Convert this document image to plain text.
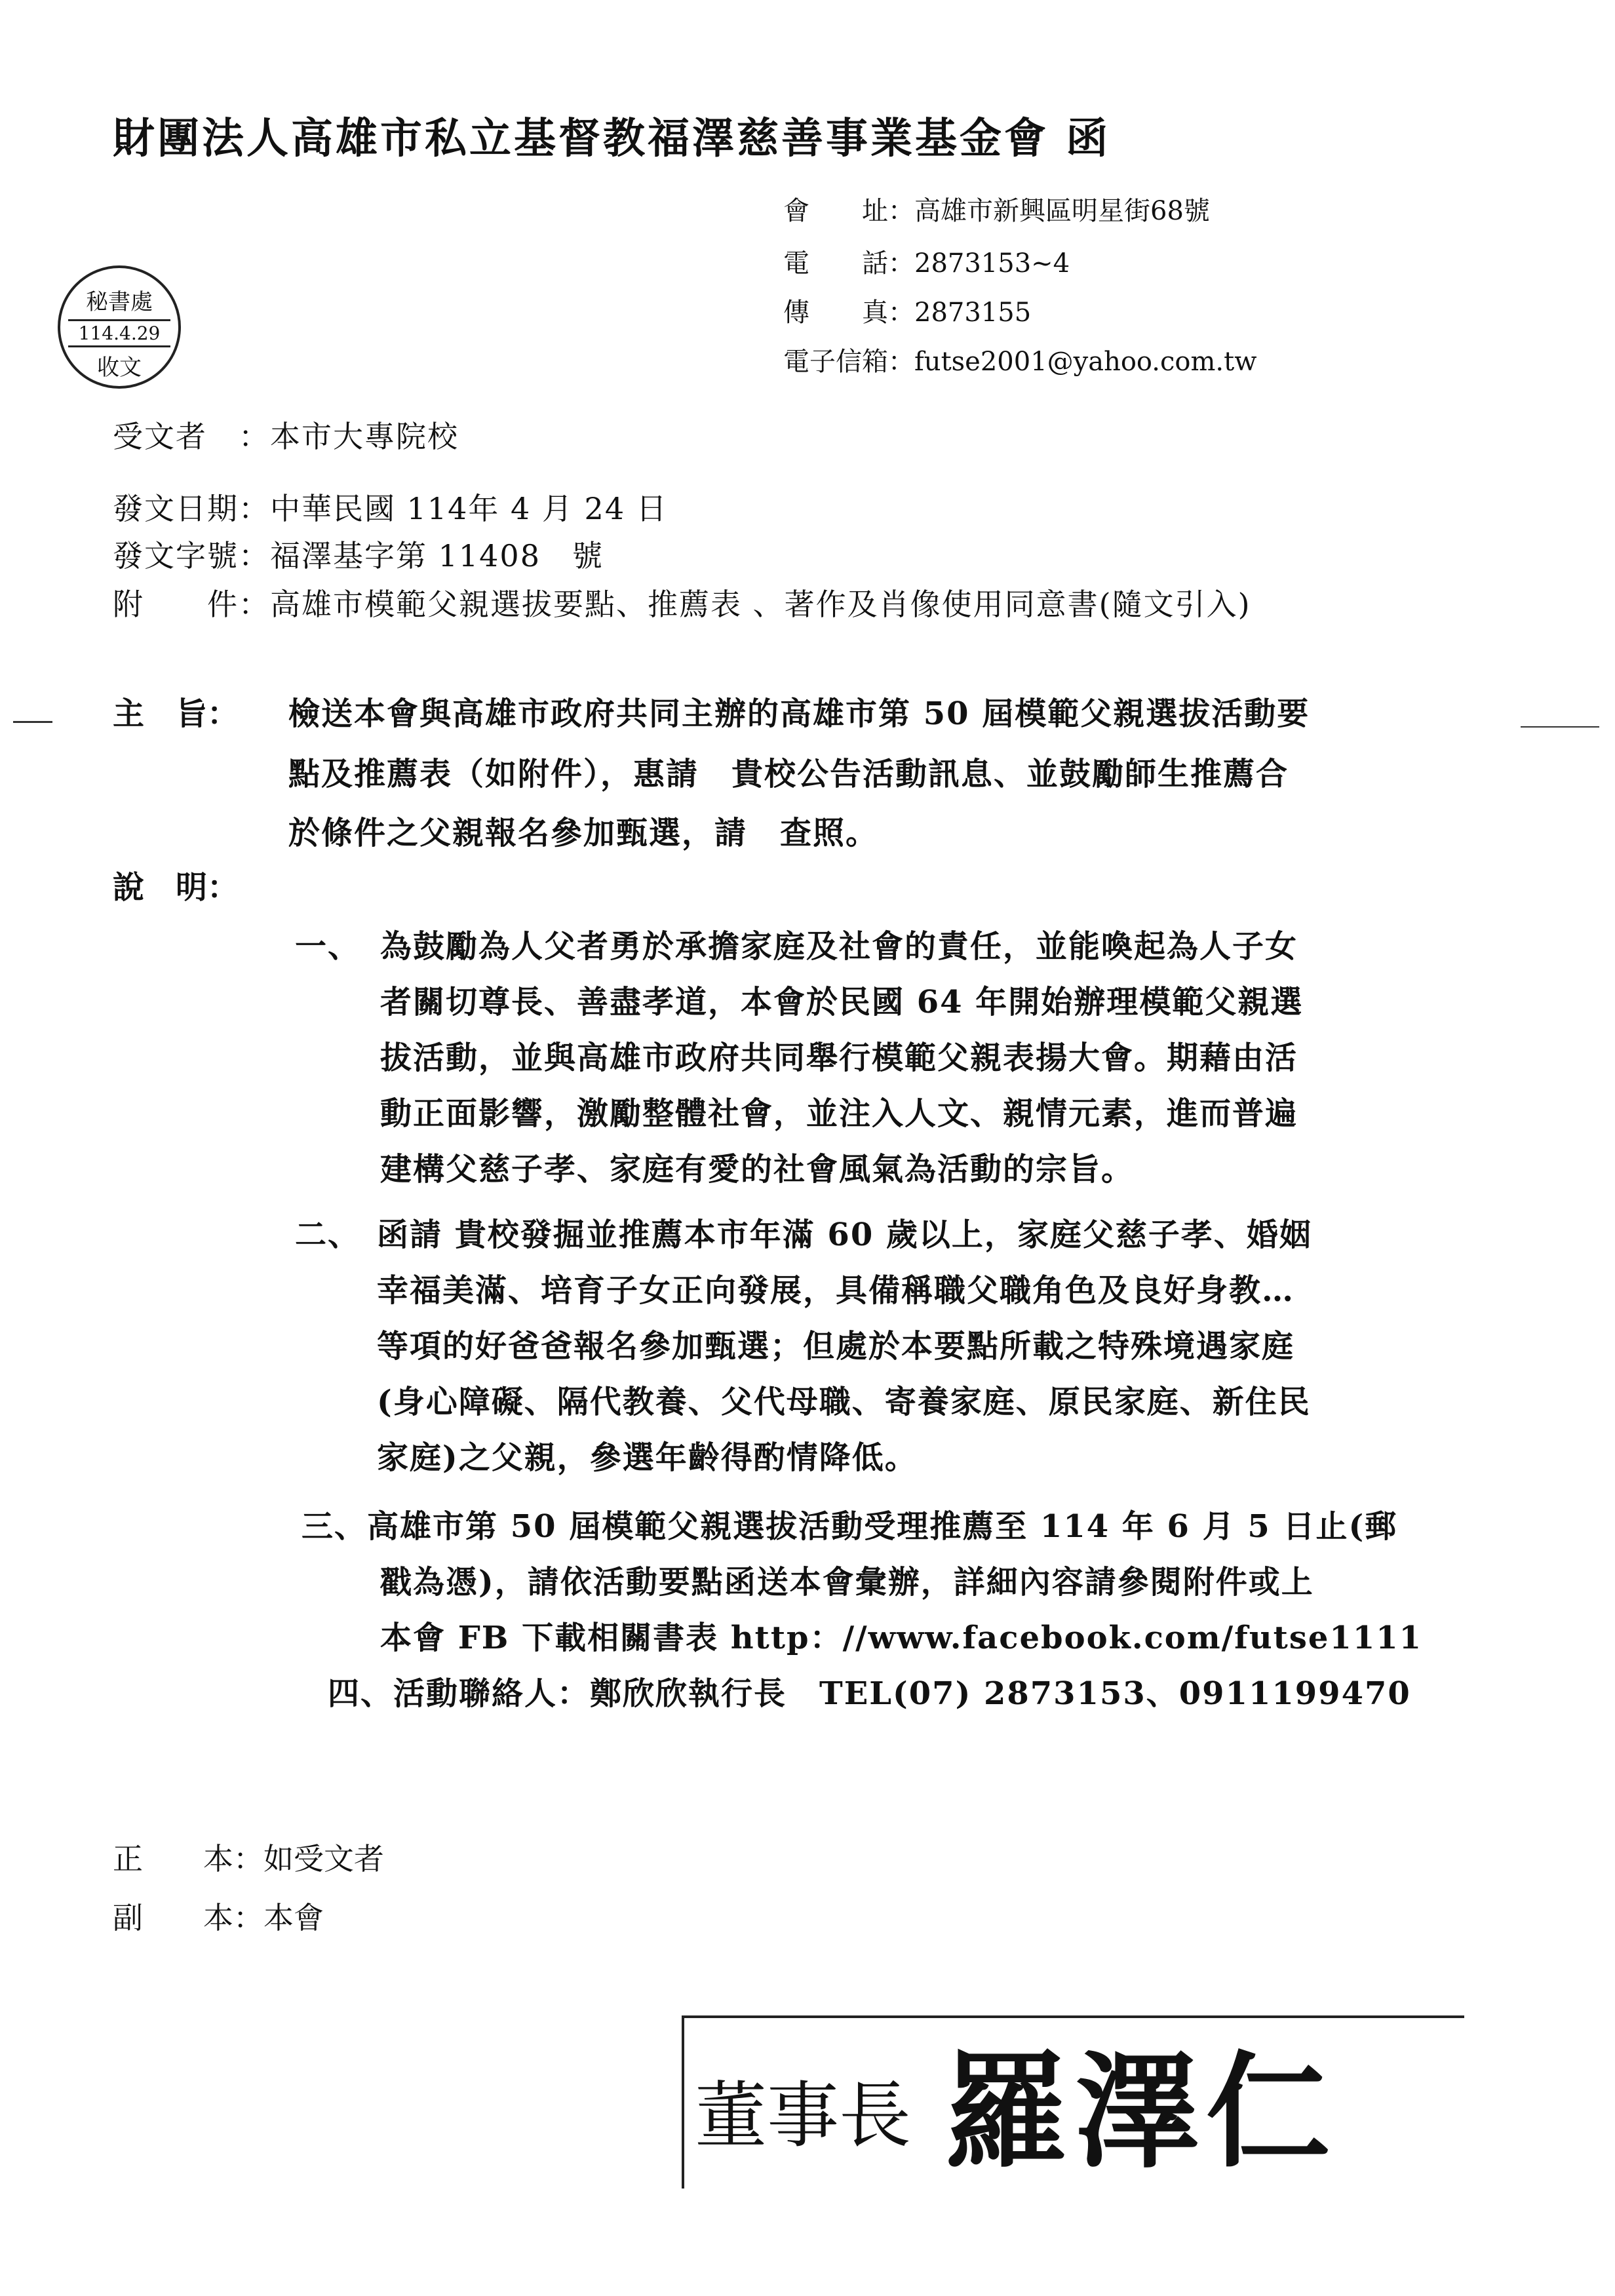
財團法人高雄市私立基督教福澤慈善事業基金會 函
會　　址：高雄市新興區明星街68號
電　　話：2873153~4
傳　　真：2873155
電子信箱：futse2001@yahoo.com.tw
秘書處
114.4.29
收文
受文者　：本市大專院校
發文日期：中華民國 114年 4 月 24 日
發文字號：福澤基字第 11408　號
附　　件：高雄市模範父親選拔要點、推薦表 、著作及肖像使用同意書(隨文引入)
主　旨： 檢送本會與高雄市政府共同主辦的高雄市第 50 屆模範父親選拔活動要
點及推薦表（如附件），惠請　貴校公告活動訊息、並鼓勵師生推薦合
於條件之父親報名參加甄選，請　查照。
說　明：
一、 為鼓勵為人父者勇於承擔家庭及社會的責任，並能喚起為人子女
者關切尊長、善盡孝道，本會於民國 64 年開始辦理模範父親選
拔活動，並與高雄市政府共同舉行模範父親表揚大會。期藉由活
動正面影響，激勵整體社會，並注入人文、親情元素，進而普遍
建構父慈子孝、家庭有愛的社會風氣為活動的宗旨。
二、 函請 貴校發掘並推薦本市年滿 60 歲以上，家庭父慈子孝、婚姻
幸福美滿、培育子女正向發展，具備稱職父職角色及良好身教…
等項的好爸爸報名參加甄選；但處於本要點所載之特殊境遇家庭
(身心障礙、隔代教養、父代母職、寄養家庭、原民家庭、新住民
家庭)之父親，參選年齡得酌情降低。
三、 高雄市第 50 屆模範父親選拔活動受理推薦至 114 年 6 月 5 日止(郵
戳為憑)，請依活動要點函送本會彙辦，詳細內容請參閱附件或上
本會 FB 下載相關書表 http：//www.facebook.com/futse1111
四、 活動聯絡人：鄭欣欣執行長　TEL(07) 2873153、0911199470
正　　本：如受文者
副　　本：本會
董事長 羅澤仁
